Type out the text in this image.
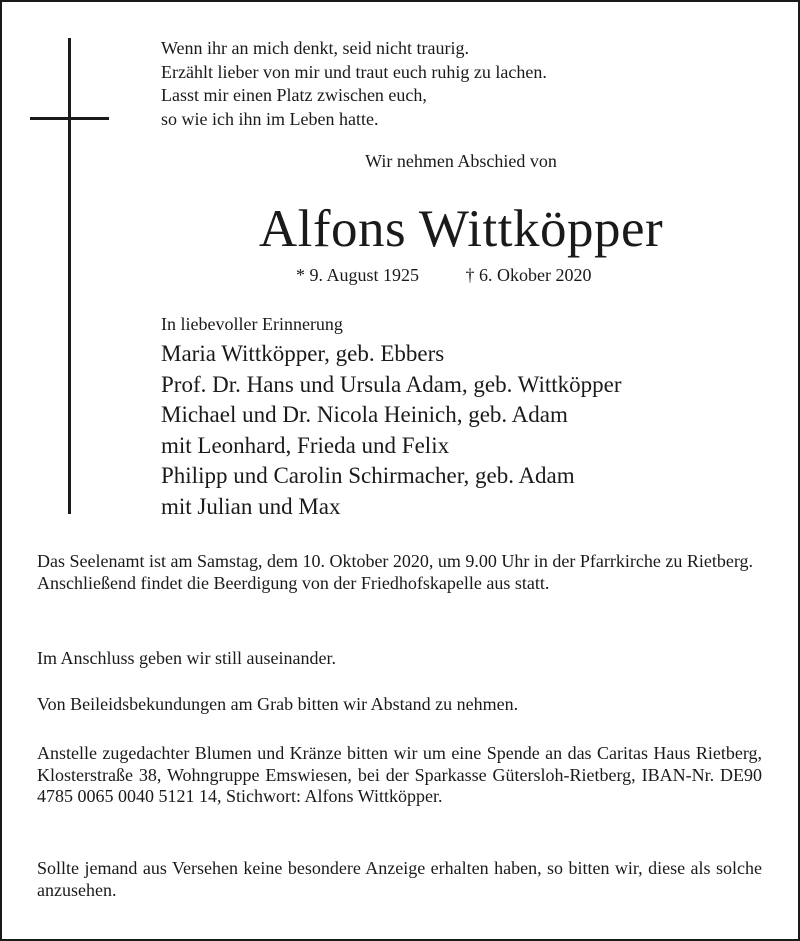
Wenn ihr an mich denkt, seid nicht traurig.
Erzählt lieber von mir und traut euch ruhig zu lachen.
Lasst mir einen Platz zwischen euch,
so wie ich ihn im Leben hatte.
Wir nehmen Abschied von
Alfons Wittköpper
* 9. August 1925	† 6. Okober 2020
In liebevoller Erinnerung
Maria Wittköpper, geb. Ebbers
Prof. Dr. Hans und Ursula Adam, geb. Wittköpper
Michael und Dr. Nicola Heinich, geb. Adam
mit Leonhard, Frieda und Felix
Philipp und Carolin Schirmacher, geb. Adam
mit Julian und Max
Das Seelenamt ist am Samstag, dem 10. Oktober 2020, um 9.00 Uhr in der Pfarrkirche zu Rietberg.
Anschließend findet die Beerdigung von der Friedhofskapelle aus statt.
Im Anschluss geben wir still auseinander.
Von Beileidsbekundungen am Grab bitten wir Abstand zu nehmen.
Anstelle zugedachter Blumen und Kränze bitten wir um eine Spende an das Caritas Haus Rietberg, Klosterstraße 38, Wohngruppe Emswiesen, bei der Sparkasse Gütersloh-Rietberg, IBAN-Nr. DE90 4785 0065 0040 5121 14, Stichwort: Alfons Wittköpper.
Sollte jemand aus Versehen keine besondere Anzeige erhalten haben, so bitten wir, diese als solche anzusehen.
